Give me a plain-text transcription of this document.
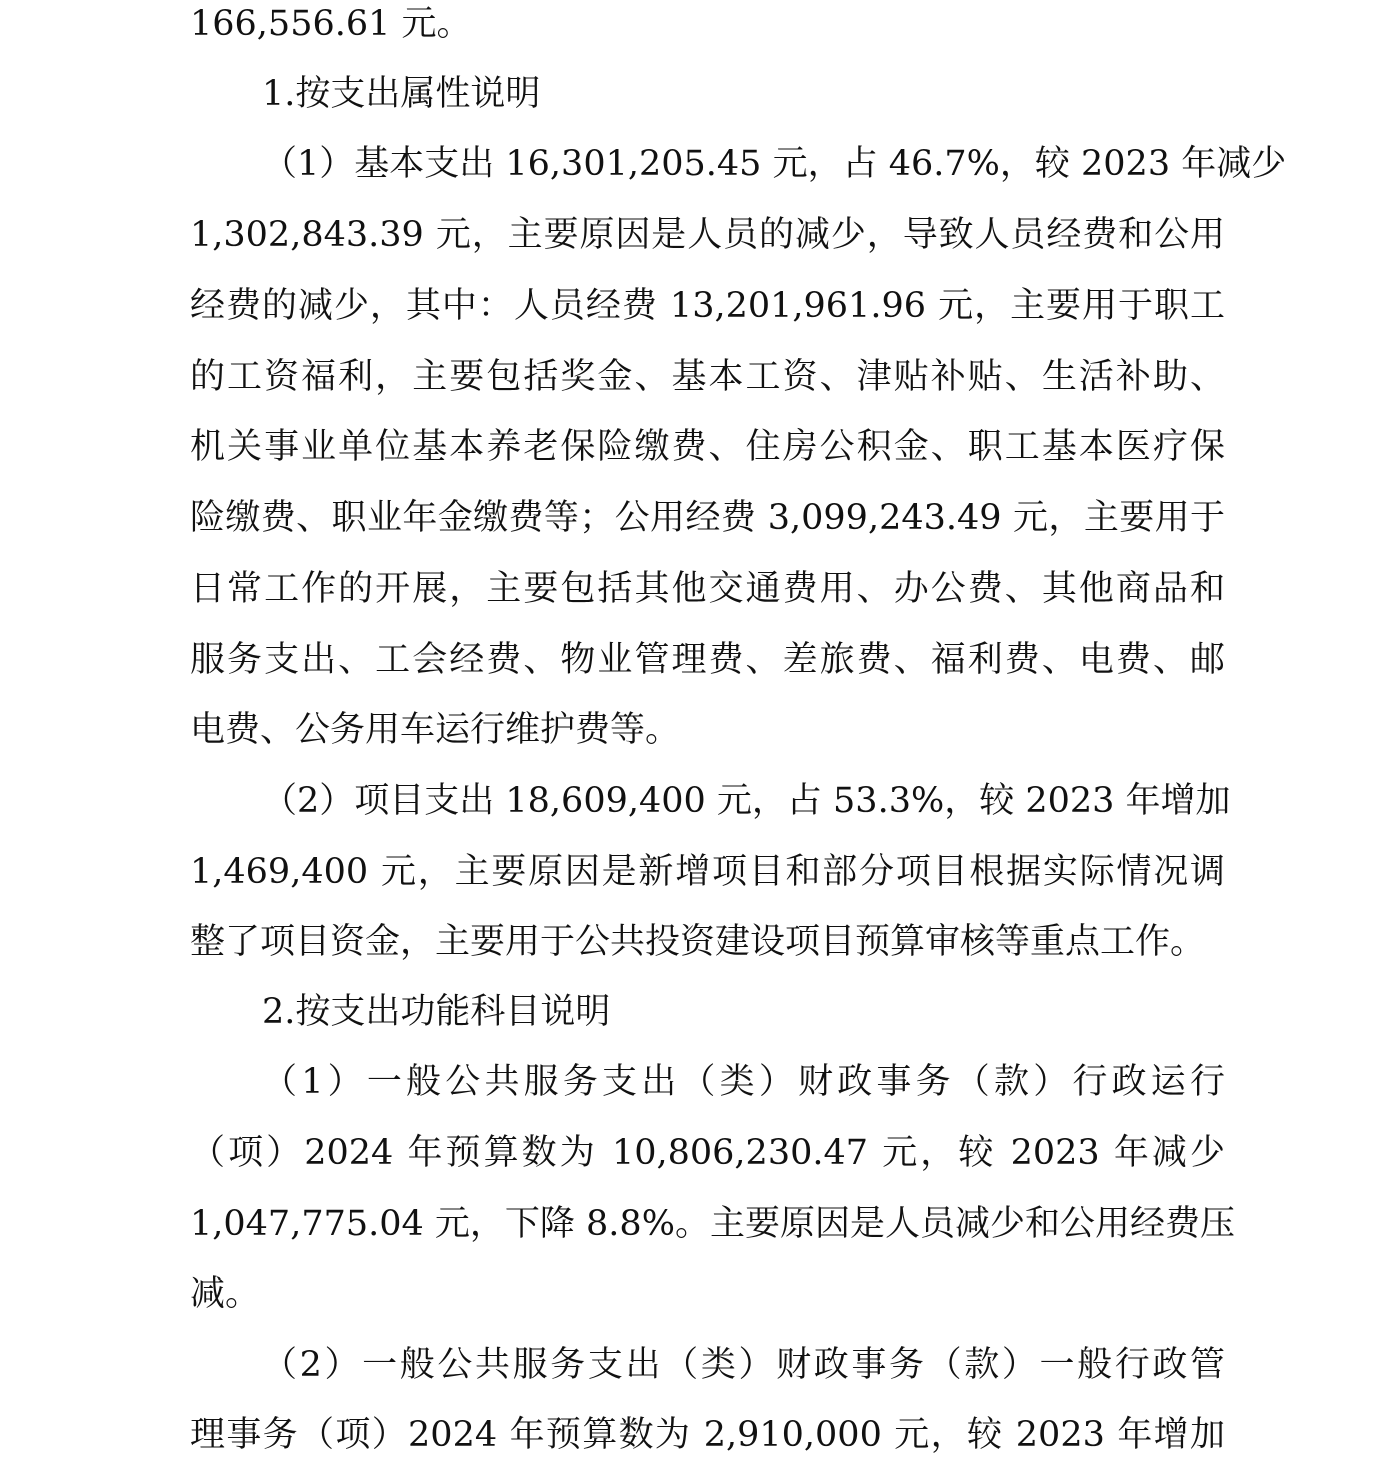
166,556.61 元。
1.按支出属性说明
（1）基本支出 16,301,205.45 元，占 46.7%，较 2023 年减少
1,302,843.39 元，主要原因是人员的减少，导致人员经费和公用
经费的减少，其中：人员经费 13,201,961.96 元，主要用于职工
的工资福利，主要包括奖金、基本工资、津贴补贴、生活补助、
机关事业单位基本养老保险缴费、住房公积金、职工基本医疗保
险缴费、职业年金缴费等；公用经费 3,099,243.49 元，主要用于
日常工作的开展，主要包括其他交通费用、办公费、其他商品和
服务支出、工会经费、物业管理费、差旅费、福利费、电费、邮
电费、公务用车运行维护费等。
（2）项目支出 18,609,400 元，占 53.3%，较 2023 年增加
1,469,400 元，主要原因是新增项目和部分项目根据实际情况调
整了项目资金，主要用于公共投资建设项目预算审核等重点工作。
2.按支出功能科目说明
（1）一般公共服务支出（类）财政事务（款）行政运行
（项）2024 年预算数为 10,806,230.47 元，较 2023 年减少
1,047,775.04 元，下降 8.8%。主要原因是人员减少和公用经费压
减。
（2）一般公共服务支出（类）财政事务（款）一般行政管
理事务（项）2024 年预算数为 2,910,000 元，较 2023 年增加
